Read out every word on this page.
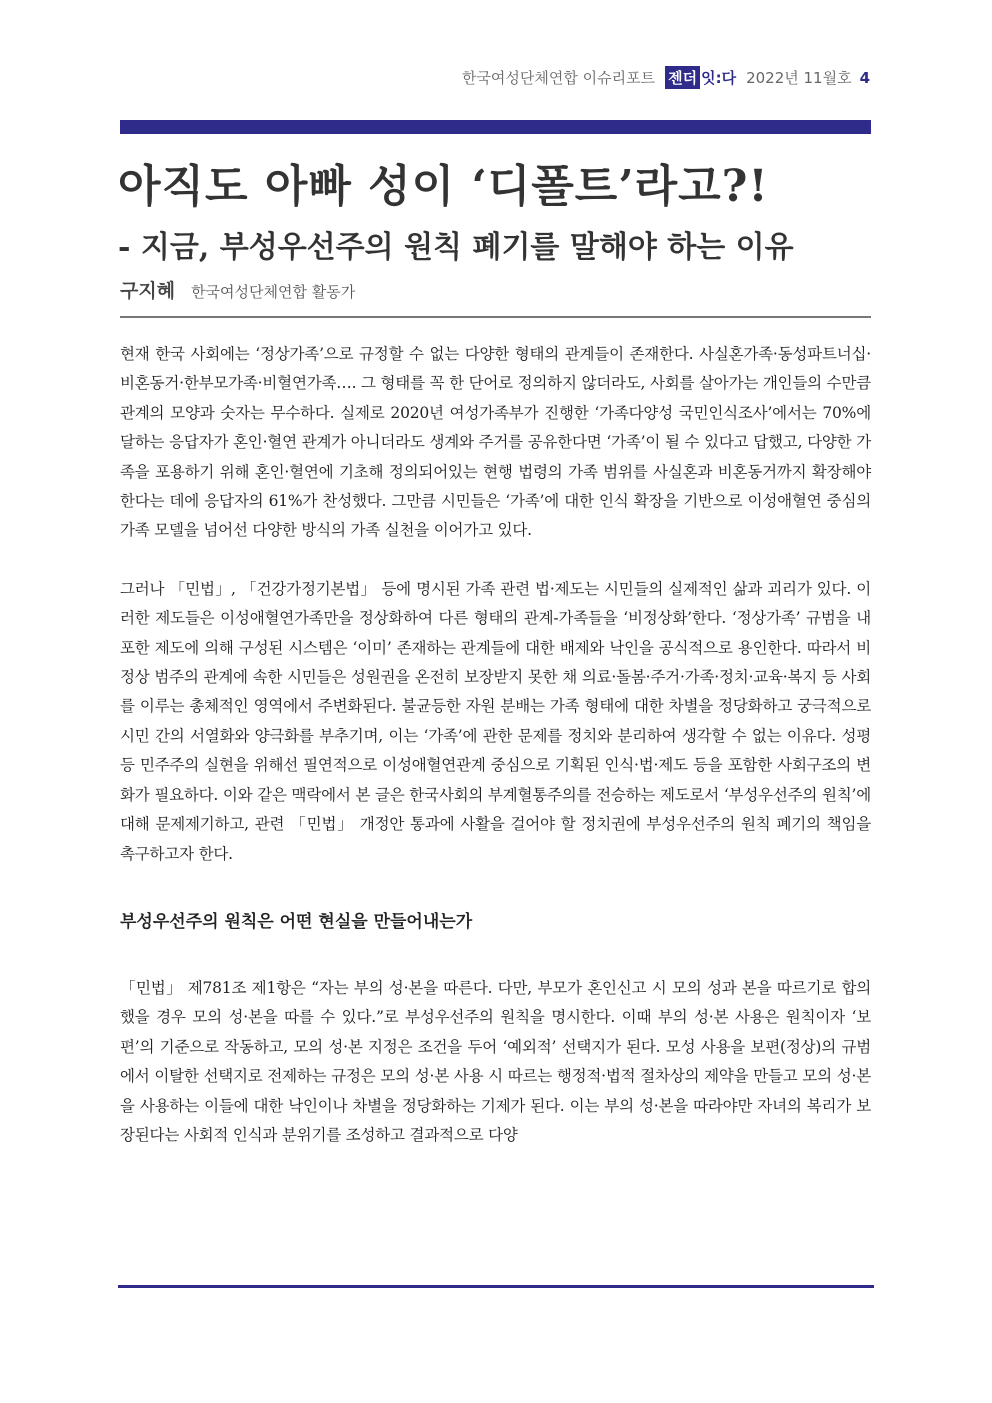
한국여성단체연합 이슈리포트 젠더 잇:다 2022년 11월호 4
아직도 아빠 성이 ‘디폴트’라고?!
- 지금, 부성우선주의 원칙 폐기를 말해야 하는 이유
구지혜 한국여성단체연합 활동가

현재 한국 사회에는 ‘정상가족’으로 규정할 수 없는 다양한 형태의 관계들이 존재한다. 사실혼가족·동성파트너십·비혼동거·한부모가족·비혈연가족…. 그 형태를 꼭 한 단어로 정의하지 않더라도, 사회를 살아가는 개인들의 수만큼 관계의 모양과 숫자는 무수하다. 실제로 2020년 여성가족부가 진행한 ‘가족다양성 국민인식조사’에서는 70%에 달하는 응답자가 혼인·혈연 관계가 아니더라도 생계와 주거를 공유한다면 ‘가족’이 될 수 있다고 답했고, 다양한 가족을 포용하기 위해 혼인·혈연에 기초해 정의되어있는 현행 법령의 가족 범위를 사실혼과 비혼동거까지 확장해야 한다는 데에 응답자의 61%가 찬성했다. 그만큼 시민들은 ‘가족’에 대한 인식 확장을 기반으로 이성애혈연 중심의 가족 모델을 넘어선 다양한 방식의 가족 실천을 이어가고 있다.

그러나 「민법」, 「건강가정기본법」 등에 명시된 가족 관련 법·제도는 시민들의 실제적인 삶과 괴리가 있다. 이러한 제도들은 이성애혈연가족만을 정상화하여 다른 형태의 관계-가족들을 ‘비정상화’한다. ‘정상가족’ 규범을 내포한 제도에 의해 구성된 시스템은 ‘이미’ 존재하는 관계들에 대한 배제와 낙인을 공식적으로 용인한다. 따라서 비정상 범주의 관계에 속한 시민들은 성원권을 온전히 보장받지 못한 채 의료·돌봄·주거·가족·정치·교육·복지 등 사회를 이루는 총체적인 영역에서 주변화된다. 불균등한 자원 분배는 가족 형태에 대한 차별을 정당화하고 궁극적으로 시민 간의 서열화와 양극화를 부추기며, 이는 ‘가족’에 관한 문제를 정치와 분리하여 생각할 수 없는 이유다. 성평등 민주주의 실현을 위해선 필연적으로 이성애혈연관계 중심으로 기획된 인식·법·제도 등을 포함한 사회구조의 변화가 필요하다. 이와 같은 맥락에서 본 글은 한국사회의 부계혈통주의를 전승하는 제도로서 ‘부성우선주의 원칙’에 대해 문제제기하고, 관련 「민법」 개정안 통과에 사활을 걸어야 할 정치권에 부성우선주의 원칙 폐기의 책임을 촉구하고자 한다.

부성우선주의 원칙은 어떤 현실을 만들어내는가

「민법」 제781조 제1항은 “자는 부의 성·본을 따른다. 다만, 부모가 혼인신고 시 모의 성과 본을 따르기로 합의했을 경우 모의 성·본을 따를 수 있다.”로 부성우선주의 원칙을 명시한다. 이때 부의 성·본 사용은 원칙이자 ‘보편’의 기준으로 작동하고, 모의 성·본 지정은 조건을 두어 ‘예외적’ 선택지가 된다. 모성 사용을 보편(정상)의 규범에서 이탈한 선택지로 전제하는 규정은 모의 성·본 사용 시 따르는 행정적·법적 절차상의 제약을 만들고 모의 성·본을 사용하는 이들에 대한 낙인이나 차별을 정당화하는 기제가 된다. 이는 부의 성·본을 따라야만 자녀의 복리가 보장된다는 사회적 인식과 분위기를 조성하고 결과적으로 다양
